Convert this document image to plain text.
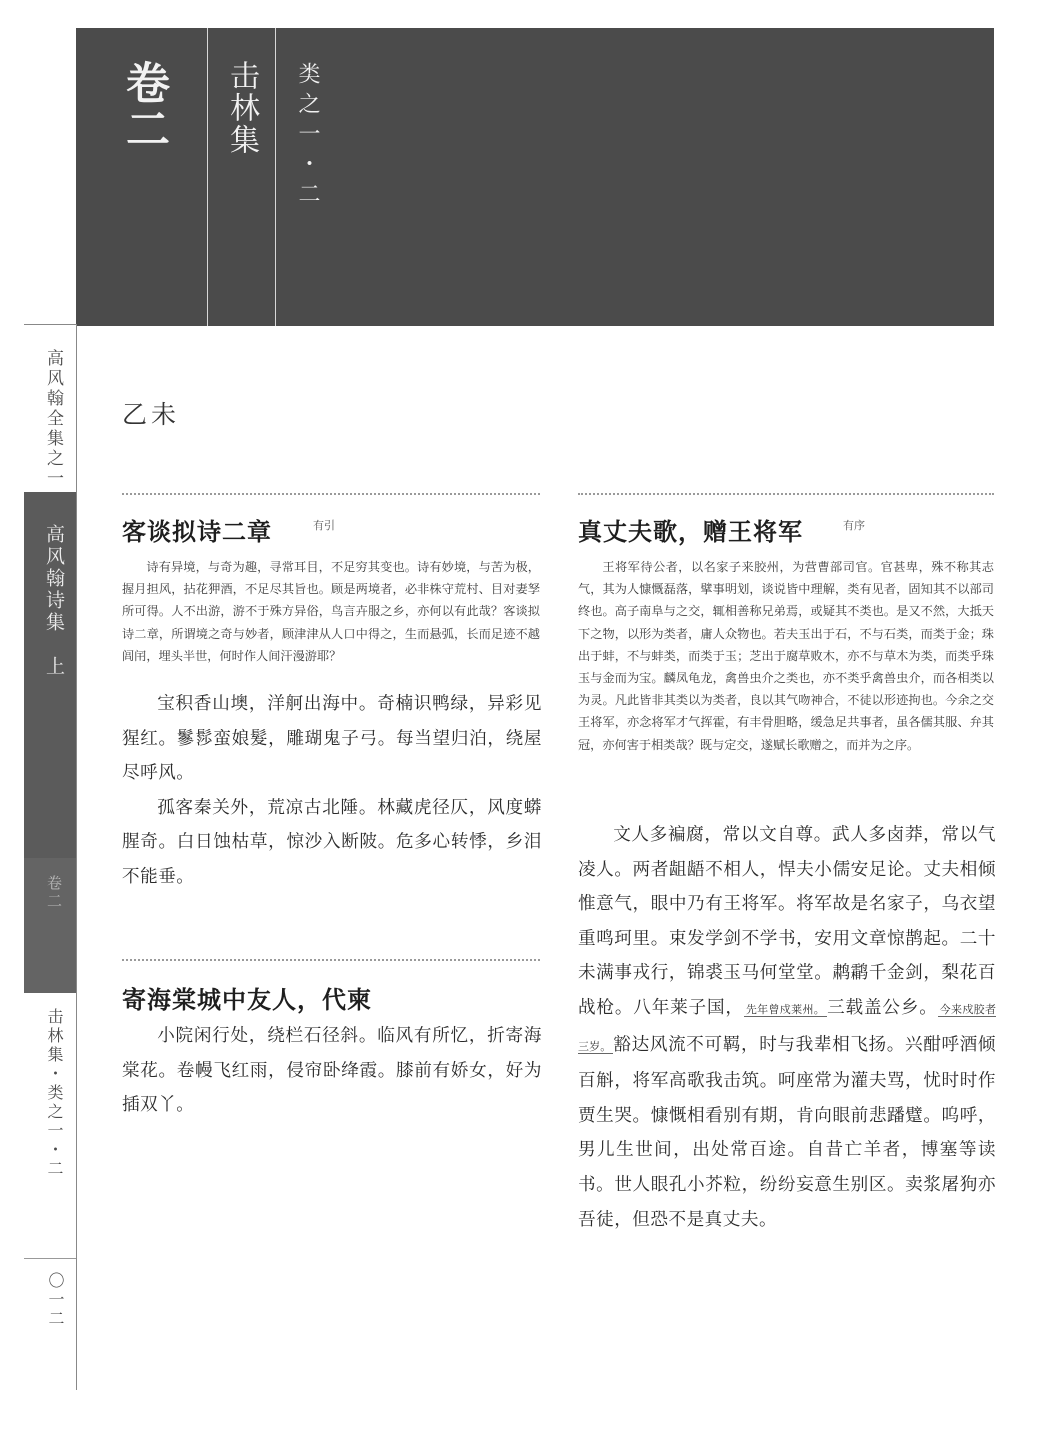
卷二 击林集 类之一・二
高风翰全集之一
高风翰诗集　上
卷二
击林集・类之一・二
〇一二
乙未
客谈拟诗二章	有引

诗有异境，与奇为趣，寻常耳目，不足穷其变也。诗有妙境，与苦为极，握月担风，拈花狎酒，不足尽其旨也。顾是两境者，必非株守荒村、目对妻孥所可得。人不出游，游不于殊方异俗，鸟言卉服之乡，亦何以有此哉？客谈拟诗二章，所谓境之奇与妙者，顾津津从人口中得之，生而悬弧，长而足迹不越闾闬，埋头半世，何时作人间汗漫游耶？

宝积香山墺，洋舸出海中。奇楠识鸭绿，异彩见猩红。鬖髿蛮娘髮，雕瑚鬼子弓。每当望归泊，绕屋尽呼风。

孤客秦关外，荒凉古北陲。林藏虎径仄，风度蟒腥奇。白日蚀枯草，惊沙入断陂。危多心转悸，乡泪不能垂。

寄海棠城中友人，代柬

小院闲行处，绕栏石径斜。临风有所忆，折寄海棠花。卷幔飞红雨，侵帘卧绛霞。膝前有娇女，好为插双丫。

真丈夫歌，赠王将军	有序

王将军待公者，以名家子来胶州，为营曹部司官。官甚卑，殊不称其志气，其为人慷慨磊落，擘事明划，谈说皆中理解，类有见者，固知其不以部司终也。高子南阜与之交，辄相善称兄弟焉，或疑其不类也。是又不然，大抵天下之物，以形为类者，庸人众物也。若夫玉出于石，不与石类，而类于金；珠出于蚌，不与蚌类，而类于玉；芝出于腐草败木，亦不与草木为类，而类乎珠玉与金而为宝。麟凤龟龙，禽兽虫介之类也，亦不类乎禽兽虫介，而各相类以为灵。凡此皆非其类以为类者，良以其气吻神合，不徒以形迹拘也。今余之交王将军，亦念将军才气挥霍，有丰骨胆略，缓急足共事者，虽各儒其服、弁其冠，亦何害于相类哉？既与定交，遂赋长歌赠之，而并为之序。

文人多褊腐，常以文自尊。武人多卤莽，常以气凌人。两者龃龉不相人，悍夫小儒安足论。丈夫相倾惟意气，眼中乃有王将军。将军故是名家子，乌衣望重鸣珂里。束发学剑不学书，安用文章惊鹊起。二十未满事戎行，锦裘玉马何堂堂。鹔鹴千金剑，梨花百战枪。八年莱子国， 先年曾戍莱州。 三载盖公乡。 今来戍胶者三岁。 豁达风流不可羁，时与我辈相飞扬。兴酣呼酒倾百斛，将军高歌我击筑。呵座常为灌夫骂，忧时时作贾生哭。慷慨相看别有期，肯向眼前悲蹯躄。呜呼，男儿生世间，出处常百途。自昔亡羊者，博塞等读书。世人眼孔小芥粒，纷纷妄意生别区。卖浆屠狗亦吾徒，但恐不是真丈夫。
